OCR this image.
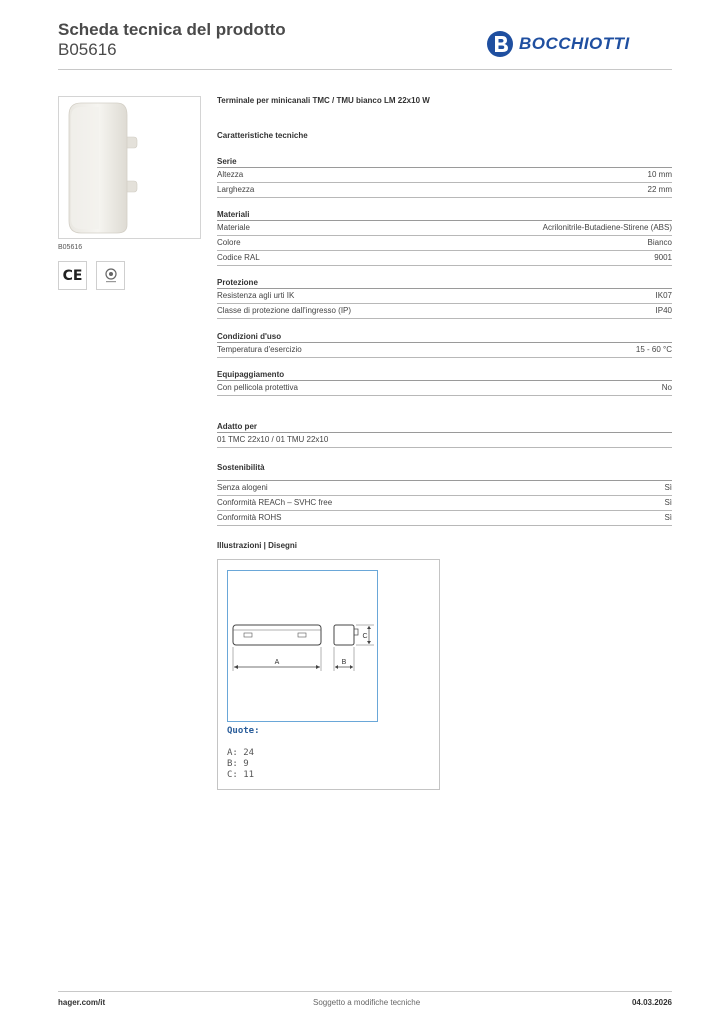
Scheda tecnica del prodotto
B05616	BOCCHIOTTI
B05616
CE
Terminale per minicanali TMC / TMU bianco LM 22x10 W
Caratteristiche tecniche
Serie
Altezza	10 mm
Larghezza	22 mm
Materiali
Materiale	Acrilonitrile-Butadiene-Stirene (ABS)
Colore	Bianco
Codice RAL	9001
Protezione
Resistenza agli urti IK	IK07
Classe di protezione dall'ingresso (IP)	IP40
Condizioni d'uso
Temperatura d'esercizio	15 - 60 °C
Equipaggiamento
Con pellicola protettiva	No
Adatto per
01 TMC 22x10 / 01 TMU 22x10
Sostenibilità
Senza alogeni	Sì
Conformità REACh – SVHC free	Sì
Conformità ROHS	Sì
Illustrazioni | Disegni
A	B
C
Quote:
A: 24
B: 9
C: 11
hager.com/it	Soggetto a modifiche tecniche	04.03.2026
